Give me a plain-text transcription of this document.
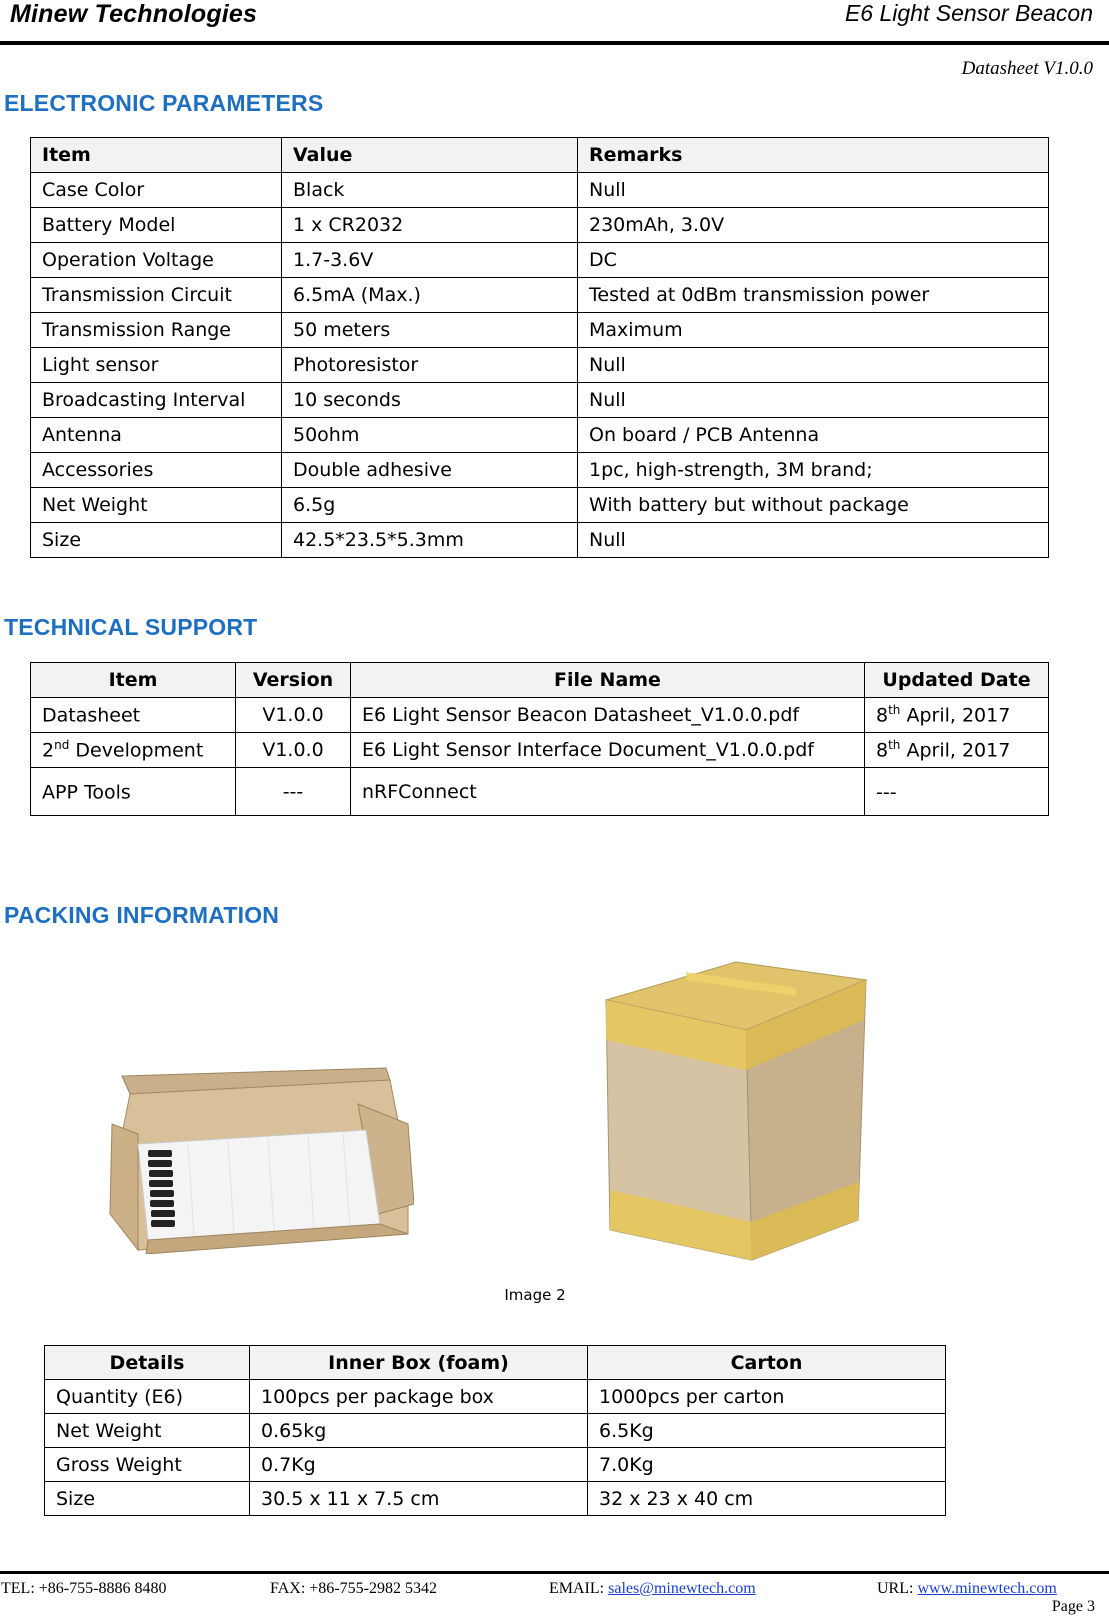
Minew Technologies	E6 Light Sensor Beacon
Datasheet V1.0.0
ELECTRONIC PARAMETERS
Item	Value	Remarks
Case Color	Black	Null
Battery Model	1 x CR2032	230mAh, 3.0V
Operation Voltage	1.7-3.6V	DC
Transmission Circuit	6.5mA (Max.)	Tested at 0dBm transmission power
Transmission Range	50 meters	Maximum
Light sensor	Photoresistor	Null
Broadcasting Interval	10 seconds	Null
Antenna	50ohm	On board / PCB Antenna
Accessories	Double adhesive	1pc, high-strength, 3M brand;
Net Weight	6.5g	With battery but without package
Size	42.5*23.5*5.3mm	Null
TECHNICAL SUPPORT
Item	Version	File Name	Updated Date
Datasheet	V1.0.0	E6 Light Sensor Beacon Datasheet_V1.0.0.pdf	8th April, 2017
2nd Development	V1.0.0	E6 Light Sensor Interface Document_V1.0.0.pdf	8th April, 2017
APP Tools	---	nRFConnect	---
PACKING INFORMATION
Image 2
Details	Inner Box (foam)	Carton
Quantity (E6)	100pcs per package box	1000pcs per carton
Net Weight	0.65kg	6.5Kg
Gross Weight	0.7Kg	7.0Kg
Size	30.5 x 11 x 7.5 cm	32 x 23 x 40 cm
TEL: +86-755-8886 8480	FAX: +86-755-2982 5342	EMAIL: sales@minewtech.com	URL: www.minewtech.com
Page 3
